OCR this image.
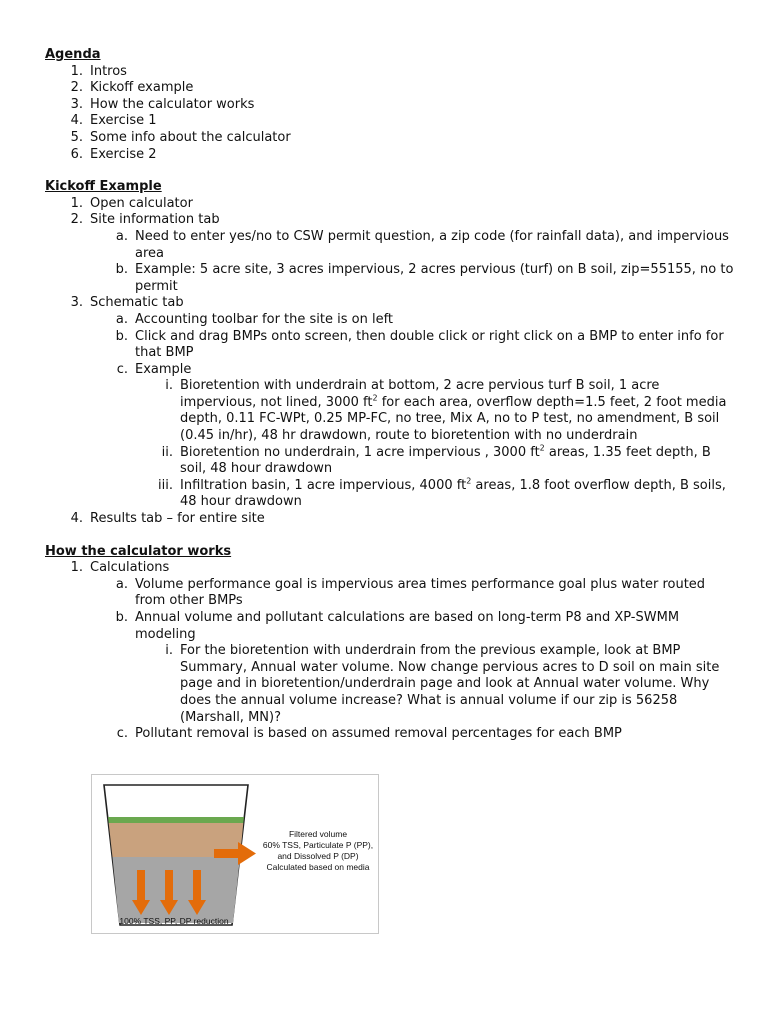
Agenda
1. Intros
2. Kickoff example
3. How the calculator works
4. Exercise 1
5. Some info about the calculator
6. Exercise 2
Kickoff Example
1. Open calculator
2. Site information tab
a. Need to enter yes/no to CSW permit question, a zip code (for rainfall data), and impervious area
b. Example: 5 acre site, 3 acres impervious, 2 acres pervious (turf) on B soil, zip=55155, no to permit
3. Schematic tab
a. Accounting toolbar for the site is on left
b. Click and drag BMPs onto screen, then double click or right click on a BMP to enter info for that BMP
c. Example
i. Bioretention with underdrain at bottom, 2 acre pervious turf B soil, 1 acre impervious, not lined, 3000 $ft^2$ for each area, overflow depth=1.5 feet, 2 foot media depth, 0.11 FC-WPt, 0.25 MP-FC, no tree, Mix A, no to P test, no amendment, B soil (0.45 in/hr), 48 hr drawdown, route to bioretention with no underdrain
ii. Bioretention no underdrain, 1 acre impervious , 3000 $ft^2$ areas, 1.35 feet depth, B soil, 48 hour drawdown
iii. Infiltration basin, 1 acre impervious, 4000 $ft^2$ areas, 1.8 foot overflow depth, B soils, 48 hour drawdown
4. Results tab – for entire site
How the calculator works
1. Calculations
a. Volume performance goal is impervious area times performance goal plus water routed from other BMPs
b. Annual volume and pollutant calculations are based on long-term P8 and XP-SWMM modeling
i. For the bioretention with underdrain from the previous example, look at BMP Summary, Annual water volume. Now change pervious acres to D soil on main site page and in bioretention/underdrain page and look at Annual water volume. Why does the annual volume increase? What is annual volume if our zip is 56258 (Marshall, MN)?
c. Pollutant removal is based on assumed removal percentages for each BMP
Filtered volume
60% TSS, Particulate P (PP),
and Dissolved P (DP)
Calculated based on media
100% TSS, PP, DP reduction
